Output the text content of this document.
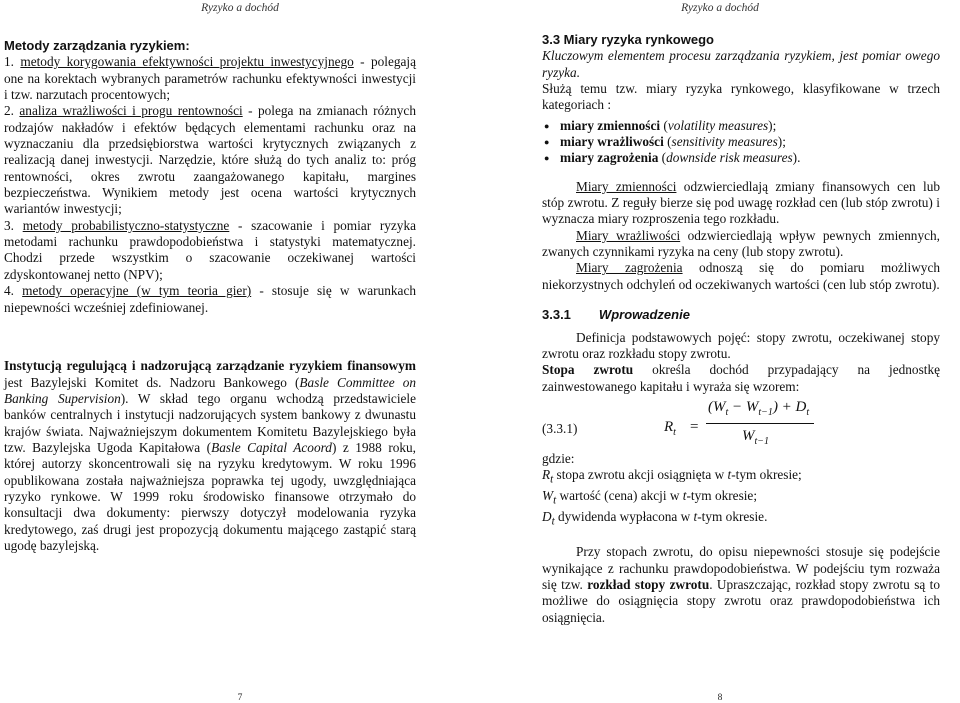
Ryzyko a dochód

Metody zarządzania ryzykiem:

1. metody korygowania efektywności projektu inwestycyjnego - polegają one na korektach wybranych parametrów rachunku efektywności inwestycji i tzw. narzutach procentowych;
2. analiza wrażliwości i progu rentowności - polega na zmianach różnych rodzajów nakładów i efektów będących elementami rachunku oraz na wyznaczaniu dla przedsiębiorstwa wartości krytycznych związanych z realizacją danej inwestycji. Narzędzie, które służą do tych analiz to: próg rentowności, okres zwrotu zaangażowanego kapitału, margines bezpieczeństwa. Wynikiem metody jest ocena wartości krytycznych wariantów inwestycji;
3. metody probabilistyczno-statystyczne - szacowanie i pomiar ryzyka metodami rachunku prawdopodobieństwa i statystyki matematycznej. Chodzi przede wszystkim o szacowanie oczekiwanej wartości zdyskontowanej netto (NPV);
4. metody operacyjne (w tym teoria gier) - stosuje się w warunkach niepewności wcześniej zdefiniowanej.

Instytucją regulującą i nadzorującą zarządzanie ryzykiem finansowym jest Bazylejski Komitet ds. Nadzoru Bankowego (Basle Committee on Banking Supervision). W skład tego organu wchodzą przedstawiciele banków centralnych i instytucji nadzorujących system bankowy z dwunastu krajów świata. Najważniejszym dokumentem Komitetu Bazylejskiego była tzw. Bazylejska Ugoda Kapitałowa (Basle Capital Acoord) z 1988 roku, której autorzy skoncentrowali się na ryzyku kredytowym. W roku 1996 opublikowana została najważniejsza poprawka tej ugody, uwzględniająca ryzyko rynkowe. W 1999 roku środowisko finansowe otrzymało do konsultacji dwa dokumenty: pierwszy dotyczył modelowania ryzyka kredytowego, zaś drugi jest propozycją dokumentu mającego zastąpić starą ugodę bazylejską.

7
Ryzyko a dochód

3.3 Miary ryzyka rynkowego

Kluczowym elementem procesu zarządzania ryzykiem, jest pomiar owego ryzyka.

Służą temu tzw. miary ryzyka rynkowego, klasyfikowane w trzech kategoriach :

● miary zmienności (volatility measures);
● miary wrażliwości (sensitivity measures);
● miary zagrożenia (downside risk measures).

Miary zmienności odzwierciedlają zmiany finansowych cen lub stóp zwrotu. Z reguły bierze się pod uwagę rozkład cen (lub stóp zwrotu) i wyznacza miary rozproszenia tego rozkładu.

Miary wrażliwości odzwierciedlają wpływ pewnych zmiennych, zwanych czynnikami ryzyka na ceny (lub stopy zwrotu).

Miary zagrożenia odnoszą się do pomiaru możliwych niekorzystnych odchyleń od oczekiwanych wartości (cen lub stóp zwrotu).

3.3.1 Wprowadzenie

Definicja podstawowych pojęć: stopy zwrotu, oczekiwanej stopy zwrotu oraz rozkładu stopy zwrotu.

Stopa zwrotu określa dochód przypadający na jednostkę zainwestowanego kapitału i wyraża się wzorem:

(3.3.1)	$R_t$ =
$(W_t - W_{t-1}) + D_t$
$W_{t-1}$

gdzie:

$R_t$ stopa zwrotu akcji osiągnięta w t-tym okresie;

$W_t$ wartość (cena) akcji w t-tym okresie;

$D_t$ dywidenda wypłacona w t-tym okresie.

Przy stopach zwrotu, do opisu niepewności stosuje się podejście wynikające z rachunku prawdopodobieństwa. W podejściu tym rozważa się tzw. rozkład stopy zwrotu. Upraszczając, rozkład stopy zwrotu są to możliwe do osiągnięcia stopy zwrotu oraz prawdopodobieństwa ich osiągnięcia.

8
